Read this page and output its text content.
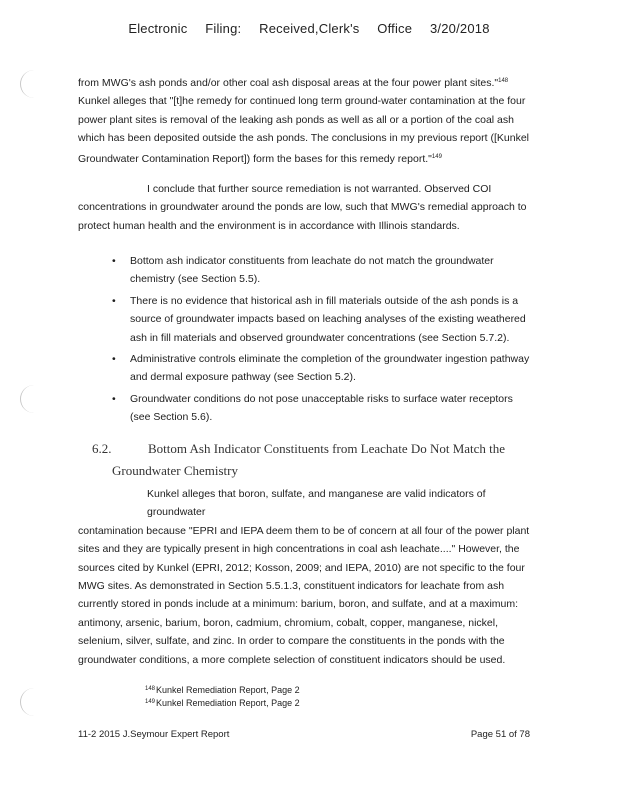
Electronic Filing: Received,Clerk's Office 3/20/2018
from MWG's ash ponds and/or other coal ash disposal areas at the four power plant sites."$^{148}$ Kunkel alleges that "[t]he remedy for continued long term ground-water contamination at the four power plant sites is removal of the leaking ash ponds as well as all or a portion of the coal ash which has been deposited outside the ash ponds. The conclusions in my previous report ([Kunkel Groundwater Contamination Report]) form the bases for this remedy report."$^{149}$
I conclude that further source remediation is not warranted. Observed COI
concentrations in groundwater around the ponds are low, such that MWG's remedial approach to protect human health and the environment is in accordance with Illinois standards.
• Bottom ash indicator constituents from leachate do not match the groundwater chemistry (see Section 5.5).
• There is no evidence that historical ash in fill materials outside of the ash ponds is a source of groundwater impacts based on leaching analyses of the existing weathered ash in fill materials and observed groundwater concentrations (see Section 5.7.2).
• Administrative controls eliminate the completion of the groundwater ingestion pathway and dermal exposure pathway (see Section 5.2).
• Groundwater conditions do not pose unacceptable risks to surface water receptors (see Section 5.6).
6.2.	Bottom Ash Indicator Constituents from Leachate Do Not Match the
Groundwater Chemistry
Kunkel alleges that boron, sulfate, and manganese are valid indicators of groundwater
contamination because "EPRI and IEPA deem them to be of concern at all four of the power plant sites and they are typically present in high concentrations in coal ash leachate...." However, the sources cited by Kunkel (EPRI, 2012; Kosson, 2009; and IEPA, 2010) are not specific to the four MWG sites. As demonstrated in Section 5.5.1.3, constituent indicators for leachate from ash currently stored in ponds include at a minimum: barium, boron, and sulfate, and at a maximum: antimony, arsenic, barium, boron, cadmium, chromium, cobalt, copper, manganese, nickel, selenium, silver, sulfate, and zinc. In order to compare the constituents in the ponds with the groundwater conditions, a more complete selection of constituent indicators should be used.
$^{148}$Kunkel Remediation Report, Page 2
$^{149}$Kunkel Remediation Report, Page 2
11-2 2015 J.Seymour Expert Report	Page 51 of 78
